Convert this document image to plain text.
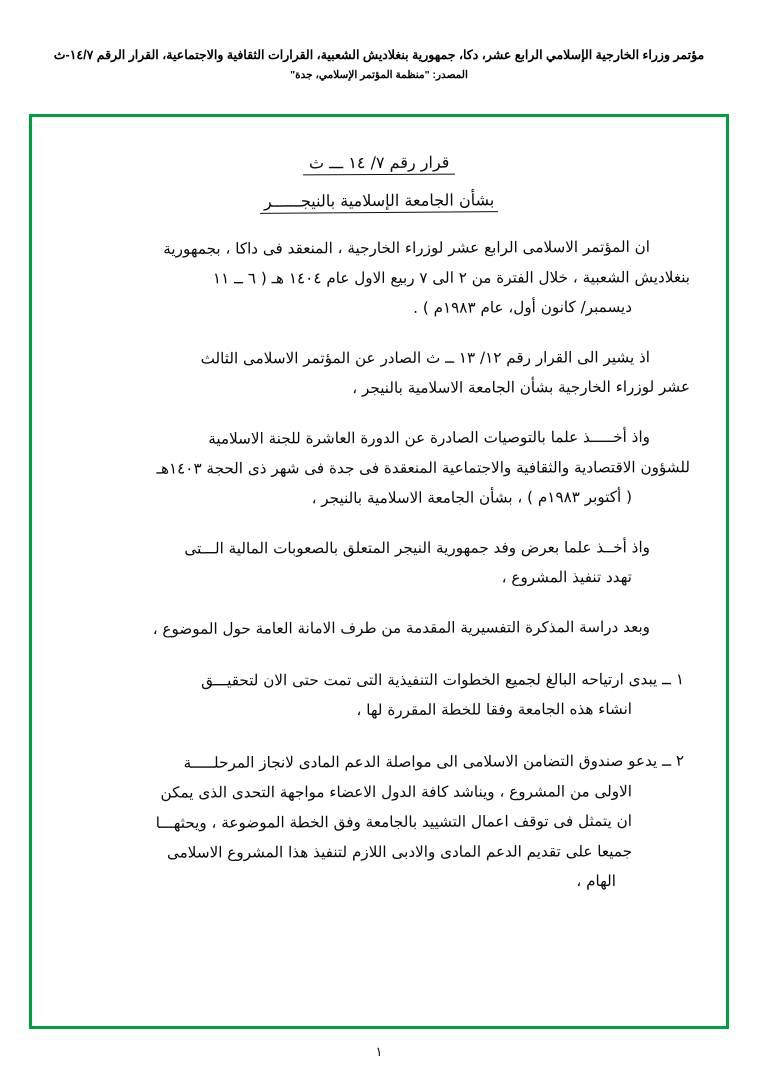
مؤتمر وزراء الخارجية الإسلامي الرابع عشر، دكا، جمهورية بنغلاديش الشعبية، القرارات الثقافية والاجتماعية، القرار الرقم ١٤/٧-ث
المصدر: "منظمة المؤتمر الإسلامي، جدة"
قرار رقم ٧/ ١٤ ـــ ث
بشأن الجامعة الإسلامية بالنيجــــــر
ان المؤتمر الاسلامى الرابع عشر لوزراء الخارجية ، المنعقد فى داكا ، بجمهورية
بنغلاديش الشعبية ، خلال الفترة من ٢ الى ٧ ربيع الاول عام ١٤٠٤ هـ ( ٦ ــ ١١
ديسمبر/ كانون أول، عام ١٩٨٣م ) .
اذ يشير الى القرار رقم ١٢/ ١٣ ــ ث الصادر عن المؤتمر الاسلامى الثالث
عشر لوزراء الخارجية بشأن الجامعة الاسلامية بالنيجر ،
واذ أخـــــذ علما بالتوصيات الصادرة عن الدورة العاشرة للجنة الاسلامية
للشؤون الاقتصادية والثقافية والاجتماعية المنعقدة فى جدة فى شهر ذى الحجة ١٤٠٣هـ
( أكتوبر ١٩٨٣م ) ، بشأن الجامعة الاسلامية بالنيجر ،
واذ أخــذ علما بعرض وفد جمهورية النيجر المتعلق بالصعوبات المالية الـــتى
تهدد تنفيذ المشروع ،
وبعد دراسة المذكرة التفسيرية المقدمة من طرف الامانة العامة حول الموضوع ،
١ ــ يبدى ارتياحه البالغ لجميع الخطوات التنفيذية التى تمت حتى الان لتحقيـــق
انشاء هذه الجامعة وفقا للخطة المقررة لها ،
٢ ــ يدعو صندوق التضامن الاسلامى الى مواصلة الدعم المادى لانجاز المرحلـــــة
الاولى من المشروع ، ويناشد كافة الدول الاعضاء مواجهة التحدى الذى يمكن
ان يتمثل فى توقف اعمال التشييد بالجامعة وفق الخطة الموضوعة ، ويحثهـــا
جميعا على تقديم الدعم المادى والادبى اللازم لتنفيذ هذا المشروع الاسلامى
الهام ،
١
